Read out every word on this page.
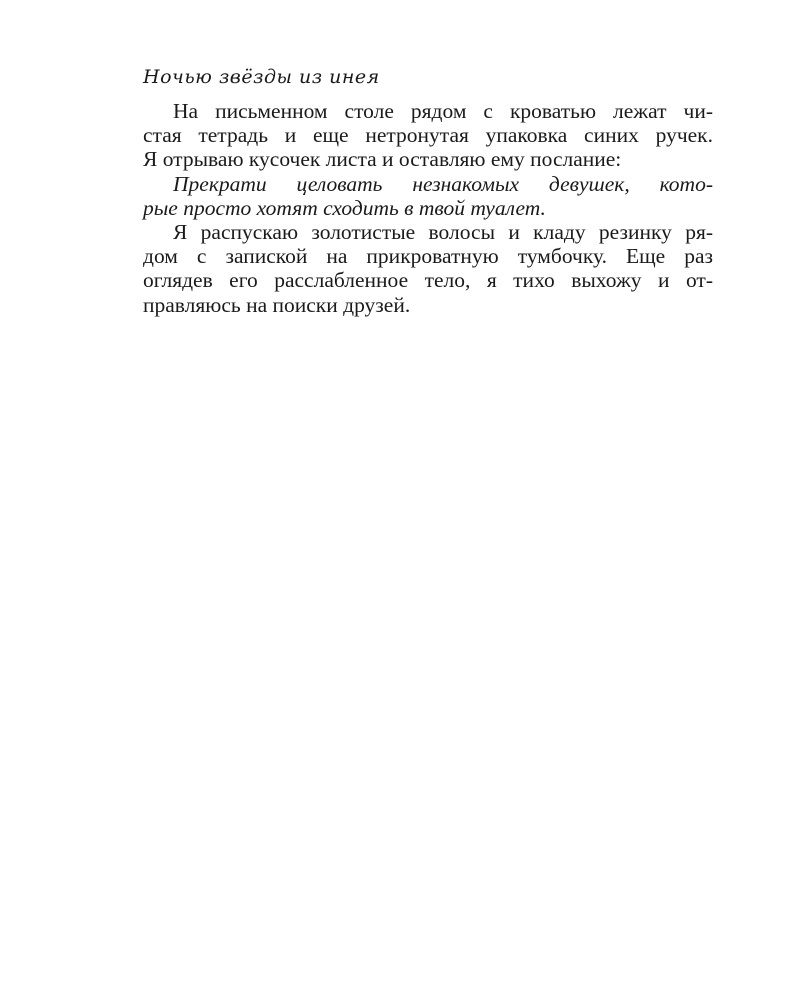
Ночью звёзды из инея
На письменном столе рядом с кроватью лежат чи-
стая тетрадь и еще нетронутая упаковка синих ручек.
Я отрываю кусочек листа и оставляю ему послание:
Прекрати целовать незнакомых девушек, кото-
рые просто хотят сходить в твой туалет.
Я распускаю золотистые волосы и кладу резинку ря-
дом с запиской на прикроватную тумбочку. Еще раз
оглядев его расслабленное тело, я тихо выхожу и от-
правляюсь на поиски друзей.
